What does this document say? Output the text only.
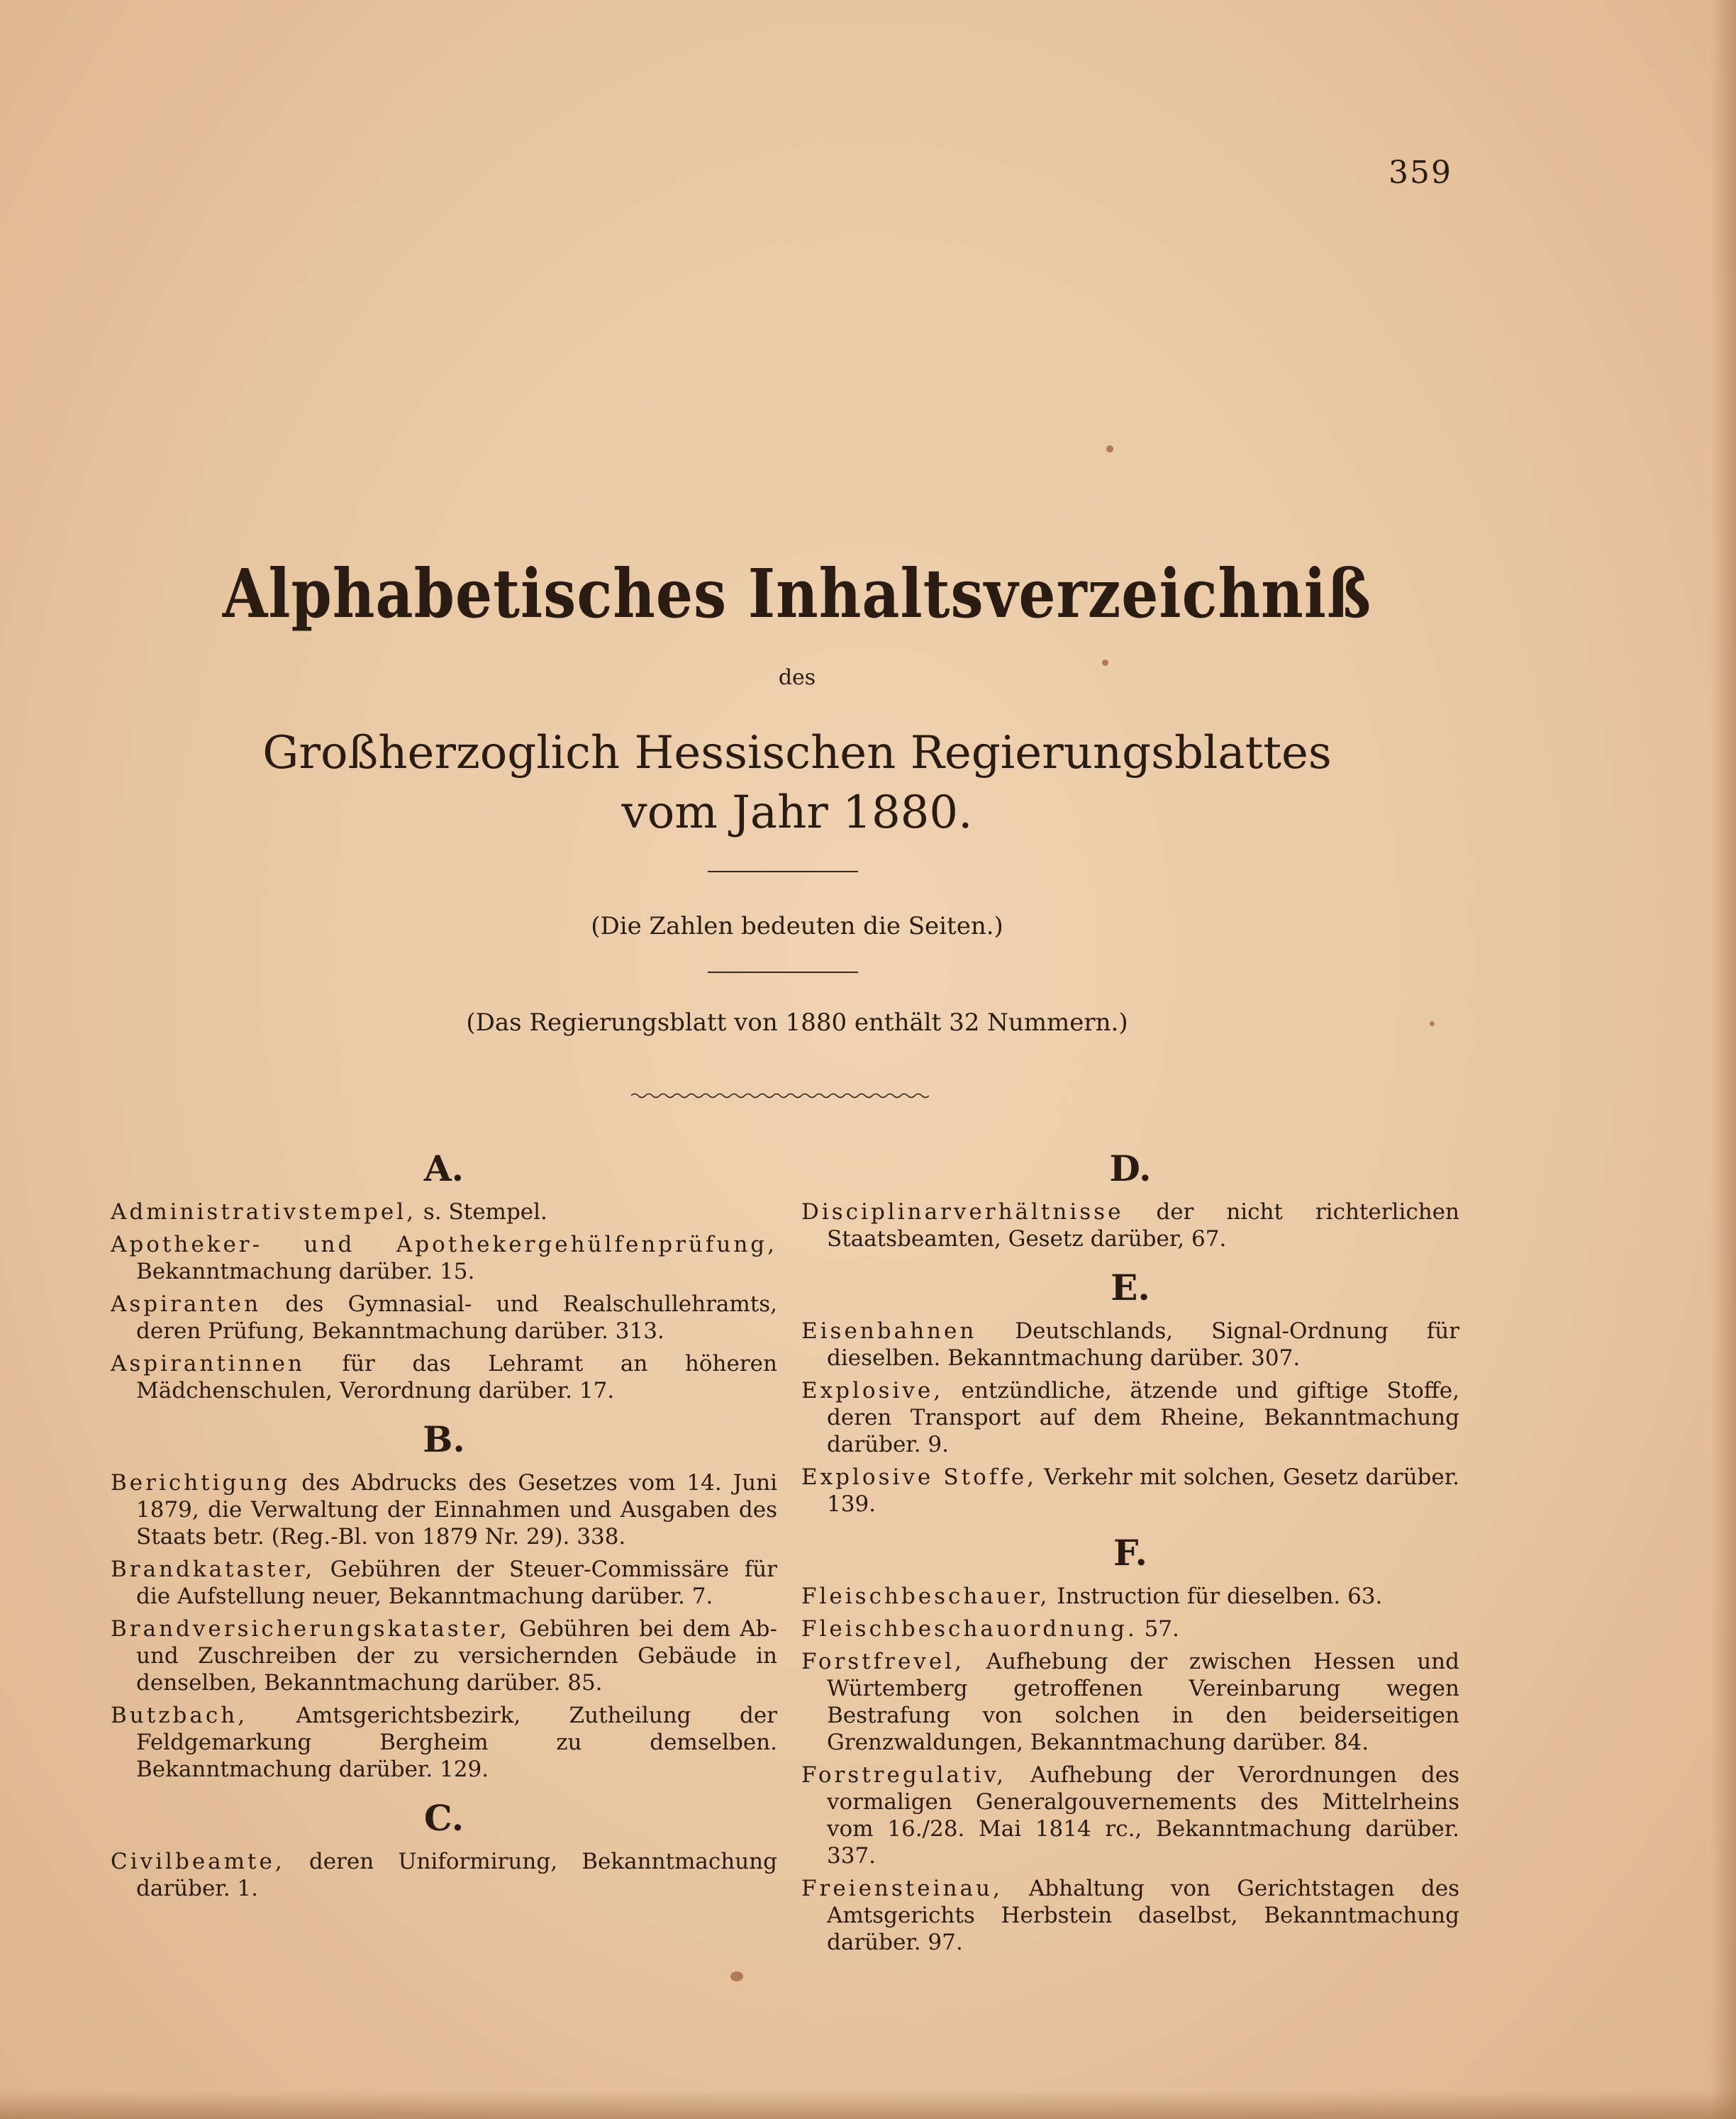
359
Alphabetisches Inhaltsverzeichniß
des
Großherzoglich Hessischen Regierungsblattes
vom Jahr 1880.
(Die Zahlen bedeuten die Seiten.)
(Das Regierungsblatt von 1880 enthält 32 Nummern.)
A.
Administrativstempel, s. Stempel.
Apotheker- und Apothekergehülfenprüfung, Bekanntmachung darüber. 15.
Aspiranten des Gymnasial- und Realschullehramts, deren Prüfung, Bekanntmachung darüber. 313.
Aspirantinnen für das Lehramt an höheren Mädchenschulen, Verordnung darüber. 17.
B.
Berichtigung des Abdrucks des Gesetzes vom 14. Juni 1879, die Verwaltung der Einnahmen und Ausgaben des Staats betr. (Reg.-Bl. von 1879 Nr. 29). 338.
Brandkataster, Gebühren der Steuer-Commissäre für die Aufstellung neuer, Bekanntmachung darüber. 7.
Brandversicherungskataster, Gebühren bei dem Ab- und Zuschreiben der zu versichernden Gebäude in denselben, Bekanntmachung darüber. 85.
Butzbach, Amtsgerichtsbezirk, Zutheilung der Feldgemarkung Bergheim zu demselben. Bekanntmachung darüber. 129.
C.
Civilbeamte, deren Uniformirung, Bekanntmachung darüber. 1.
D.
Disciplinarverhältnisse der nicht richterlichen Staatsbeamten, Gesetz darüber, 67.
E.
Eisenbahnen Deutschlands, Signal-Ordnung für dieselben. Bekanntmachung darüber. 307.
Explosive, entzündliche, ätzende und giftige Stoffe, deren Transport auf dem Rheine, Bekanntmachung darüber. 9.
Explosive Stoffe, Verkehr mit solchen, Gesetz darüber. 139.
F.
Fleischbeschauer, Instruction für dieselben. 63.
Fleischbeschauordnung. 57.
Forstfrevel, Aufhebung der zwischen Hessen und Würtemberg getroffenen Vereinbarung wegen Bestrafung von solchen in den beiderseitigen Grenzwaldungen, Bekanntmachung darüber. 84.
Forstregulativ, Aufhebung der Verordnungen des vormaligen Generalgouvernements des Mittelrheins vom 16./28. Mai 1814 rc., Bekanntmachung darüber. 337.
Freiensteinau, Abhaltung von Gerichtstagen des Amtsgerichts Herbstein daselbst, Bekanntmachung darüber. 97.
